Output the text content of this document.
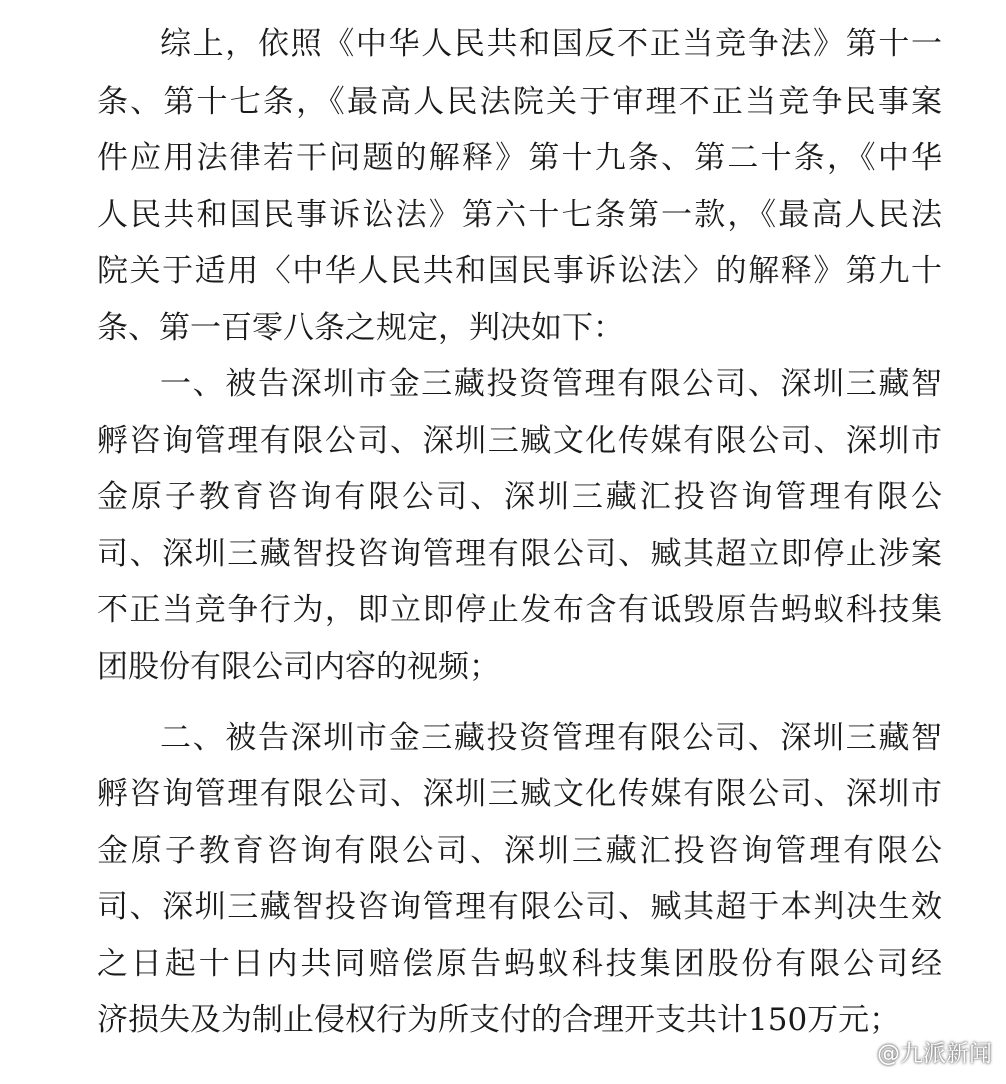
综上，依照《中华人民共和国反不正当竞争法》第十一
条、第十七条，《最高人民法院关于审理不正当竞争民事案
件应用法律若干问题的解释》第十九条、第二十条，《中华
人民共和国民事诉讼法》第六十七条第一款，《最高人民法
院关于适用〈中华人民共和国民事诉讼法〉的解释》第九十
条、第一百零八条之规定，判决如下：
一、被告深圳市金三藏投资管理有限公司、深圳三藏智
孵咨询管理有限公司、深圳三臧文化传媒有限公司、深圳市
金原子教育咨询有限公司、深圳三藏汇投咨询管理有限公
司、深圳三藏智投咨询管理有限公司、臧其超立即停止涉案
不正当竞争行为，即立即停止发布含有诋毁原告蚂蚁科技集
团股份有限公司内容的视频；
二、被告深圳市金三藏投资管理有限公司、深圳三藏智
孵咨询管理有限公司、深圳三臧文化传媒有限公司、深圳市
金原子教育咨询有限公司、深圳三藏汇投咨询管理有限公
司、深圳三藏智投咨询管理有限公司、臧其超于本判决生效
之日起十日内共同赔偿原告蚂蚁科技集团股份有限公司经
济损失及为制止侵权行为所支付的合理开支共计150万元；
@九派新闻
